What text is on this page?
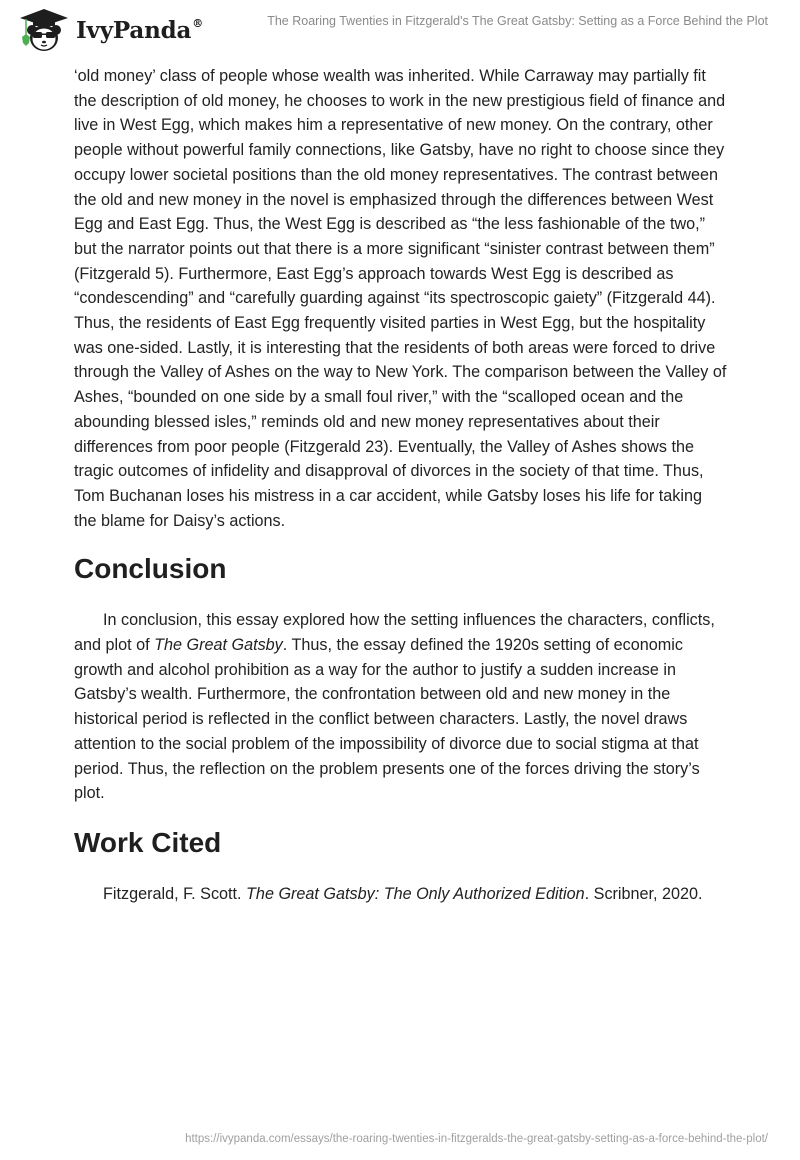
IvyPanda®	The Roaring Twenties in Fitzgerald's The Great Gatsby: Setting as a Force Behind the Plot

‘old money’ class of people whose wealth was inherited. While Carraway may partially fit the description of old money, he chooses to work in the new prestigious field of finance and live in West Egg, which makes him a representative of new money. On the contrary, other people without powerful family connections, like Gatsby, have no right to choose since they occupy lower societal positions than the old money representatives. The contrast between the old and new money in the novel is emphasized through the differences between West Egg and East Egg. Thus, the West Egg is described as “the less fashionable of the two,” but the narrator points out that there is a more significant “sinister contrast between them” (Fitzgerald 5). Furthermore, East Egg’s approach towards West Egg is described as “condescending” and “carefully guarding against “its spectroscopic gaiety” (Fitzgerald 44). Thus, the residents of East Egg frequently visited parties in West Egg, but the hospitality was one-sided. Lastly, it is interesting that the residents of both areas were forced to drive through the Valley of Ashes on the way to New York. The comparison between the Valley of Ashes, “bounded on one side by a small foul river,” with the “scalloped ocean and the abounding blessed isles,” reminds old and new money representatives about their differences from poor people (Fitzgerald 23). Eventually, the Valley of Ashes shows the tragic outcomes of infidelity and disapproval of divorces in the society of that time. Thus, Tom Buchanan loses his mistress in a car accident, while Gatsby loses his life for taking the blame for Daisy’s actions.

Conclusion

In conclusion, this essay explored how the setting influences the characters, conflicts, and plot of The Great Gatsby. Thus, the essay defined the 1920s setting of economic growth and alcohol prohibition as a way for the author to justify a sudden increase in Gatsby’s wealth. Furthermore, the confrontation between old and new money in the historical period is reflected in the conflict between characters. Lastly, the novel draws attention to the social problem of the impossibility of divorce due to social stigma at that period. Thus, the reflection on the problem presents one of the forces driving the story’s plot.

Work Cited

Fitzgerald, F. Scott. The Great Gatsby: The Only Authorized Edition. Scribner, 2020.

https://ivypanda.com/essays/the-roaring-twenties-in-fitzgeralds-the-great-gatsby-setting-as-a-force-behind-the-plot/
